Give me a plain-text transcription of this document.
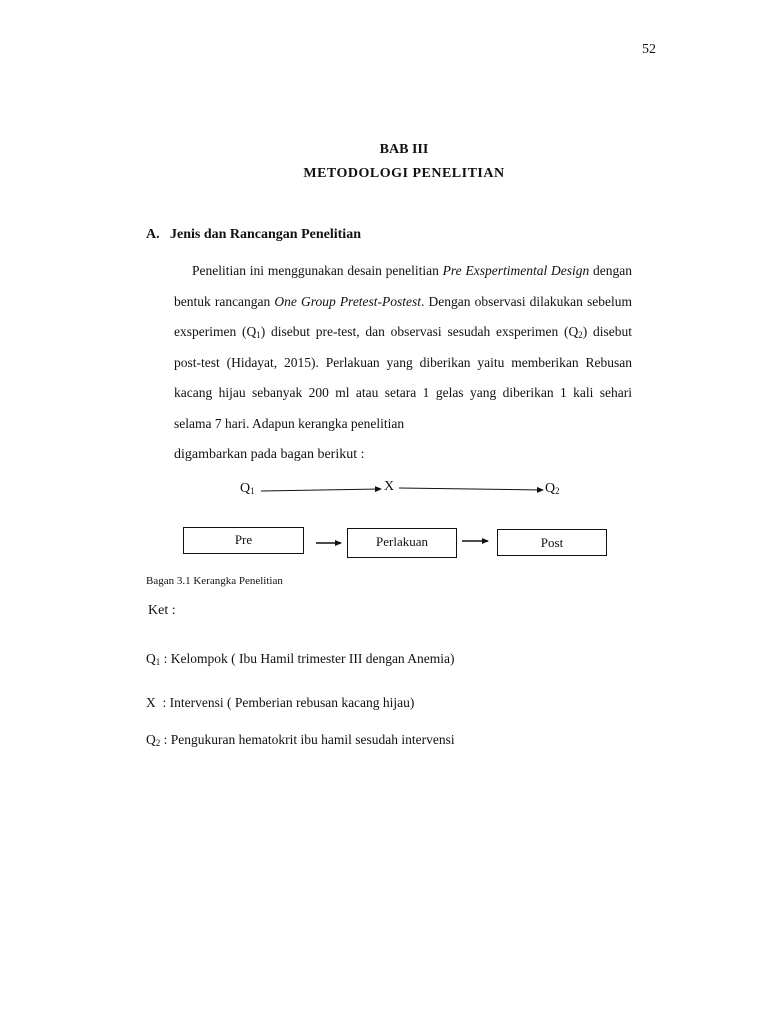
52
BAB III
METODOLOGI PENELITIAN
A. Jenis dan Rancangan Penelitian
Penelitian ini menggunakan desain penelitian Pre Exspertimental Design dengan bentuk rancangan One Group Pretest-Postest. Dengan observasi dilakukan sebelum exsperimen $(Q_1)$ disebut pre-test, dan observasi sesudah exsperimen $(Q_2)$ disebut post-test (Hidayat, 2015). Perlakuan yang diberikan yaitu memberikan Rebusan kacang hijau sebanyak 200 ml atau setara 1 gelas yang diberikan 1 kali sehari selama 7 hari. Adapun kerangka penelitian
digambarkan pada bagan berikut :
$Q_1$	X	$Q_2$
Pre	Perlakuan	Post
Bagan 3.1 Kerangka Penelitian
Ket :
$Q_1$ : Kelompok ( Ibu Hamil trimester III dengan Anemia)
X  : Intervensi ( Pemberian rebusan kacang hijau)
$Q_2$ : Pengukuran hematokrit ibu hamil sesudah intervensi
